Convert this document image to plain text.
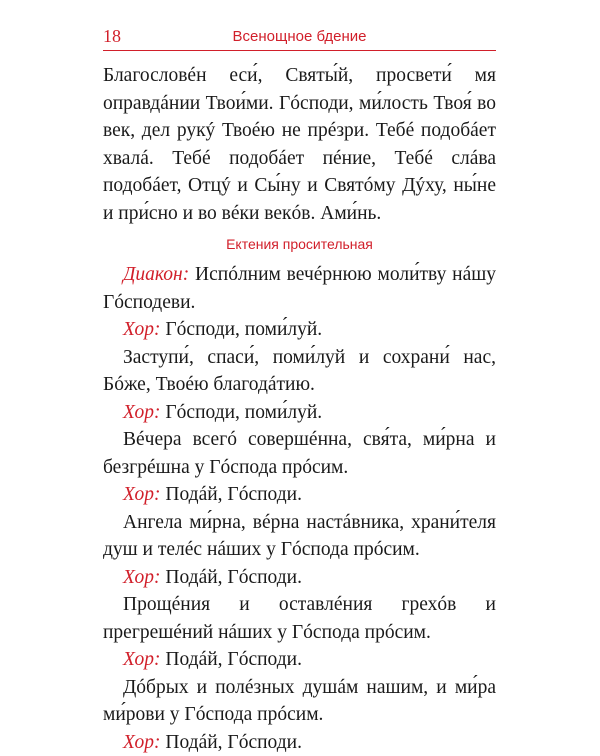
18	Всенощное бдение

Благословéн еси́, Святы́й, просвети́ мя оправдáнии Твои́ми. Гóсподи, ми́лость Твоя́ во век, дел рукý Твоéю не прéзри. Тебé подобáет хвалá. Тебé подобáет пéние, Тебé слáва подобáет, Отцý и Сы́ну и Святóму Дýху, ны́не и при́сно и во вéки векóв. Ами́нь.

Ектения просительная

Диакон: Испóлним вечéрнюю моли́тву нáшу Гóсподеви.

Хор: Гóсподи, поми́луй.

Заступи́, спаси́, поми́луй и сохрани́ нас, Бóже, Твоéю благодáтию.

Хор: Гóсподи, поми́луй.

Вéчера всегó совершéнна, свя́та, ми́рна и безгрéшна у Гóспода прóсим.

Хор: Подáй, Гóсподи.

Ангела ми́рна, вéрна настáвника, храни́теля душ и телéс нáших у Гóспода прóсим.

Хор: Подáй, Гóсподи.

Прощéния и оставлéния грехóв и прегрешéний нáших у Гóспода прóсим.

Хор: Подáй, Гóсподи.

Дóбрых и полéзных душáм нашим, и ми́ра ми́рови у Гóспода прóсим.

Хор: Подáй, Гóсподи.
